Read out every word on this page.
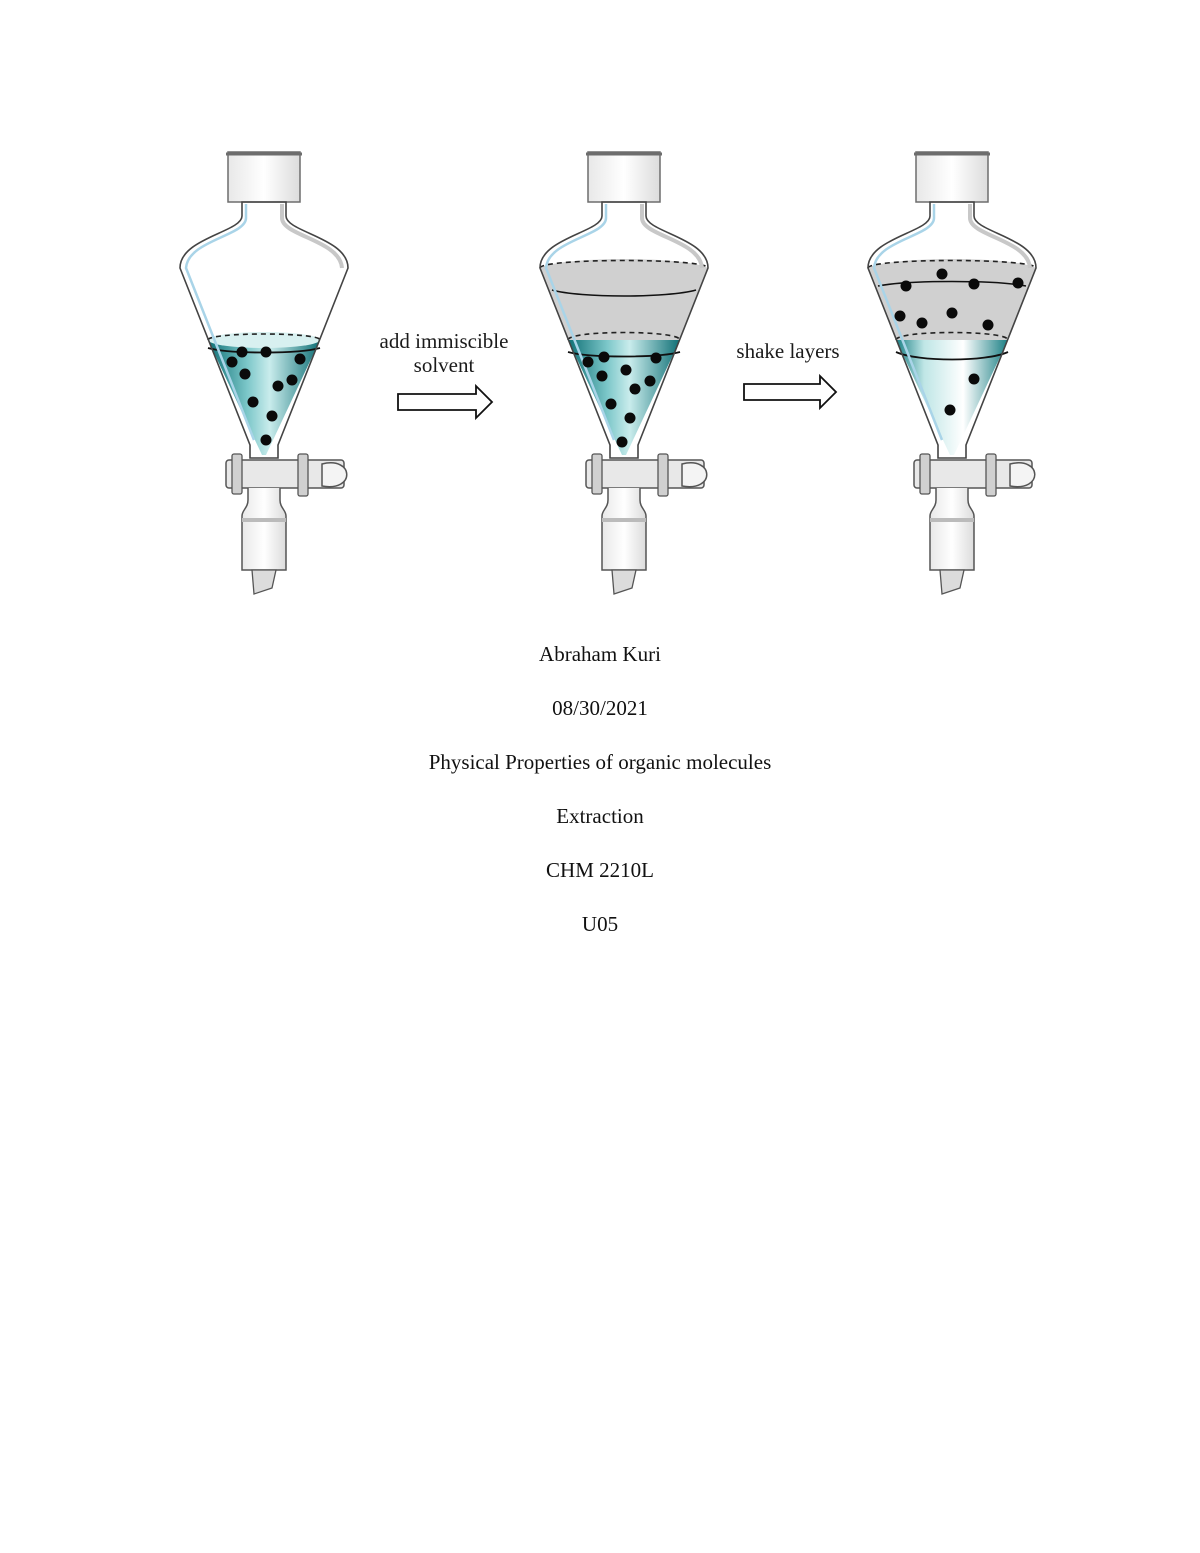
add immiscible
solvent
shake layers
Abraham Kuri
08/30/2021
Physical Properties of organic molecules
Extraction
CHM 2210L
U05
